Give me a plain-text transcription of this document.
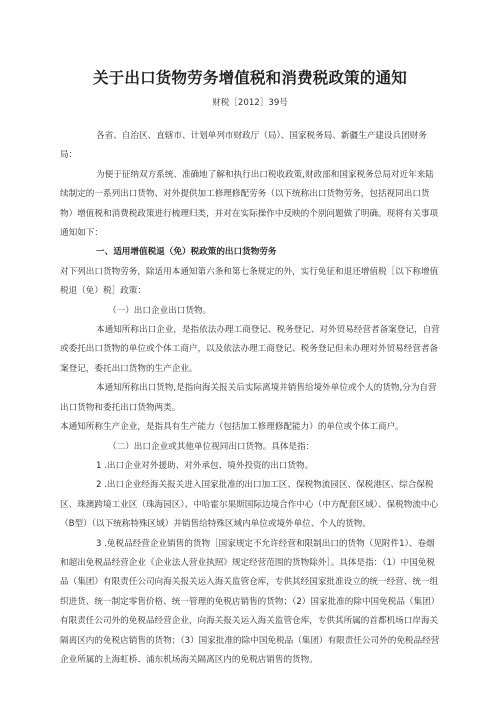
关于出口货物劳务增值税和消费税政策的通知
财税［2012］39号

各省、自治区、直辖市、计划单列市财政厅（局）、国家税务局、新疆生产建设兵团财务局：

为便于征纳双方系统、准确地了解和执行出口税收政策,财政部和国家税务总局对近年来陆续制定的一系列出口货物、对外提供加工修理修配劳务（以下统称出口货物劳务，包括视同出口货物）增值税和消费税政策进行梳理归类，并对在实际操作中反映的个别问题做了明确。现将有关事项通知如下：

一、适用增值税退（免）税政策的出口货物劳务

对下列出口货物劳务，除适用本通知第六条和第七条规定的外，实行免征和退还增值税［以下称增值税退（免）税］政策：

（一）出口企业出口货物。

本通知所称出口企业，是指依法办理工商登记、税务登记、对外贸易经营者备案登记，自营或委托出口货物的单位或个体工商户，以及依法办理工商登记、税务登记但未办理对外贸易经营者备案登记，委托出口货物的生产企业。

本通知所称出口货物,是指向海关报关后实际离境并销售给境外单位或个人的货物,分为自营出口货物和委托出口货物两类。

本通知所称生产企业，是指具有生产能力（包括加工修理修配能力）的单位或个体工商户。

（二）出口企业或其他单位视同出口货物。具体是指：

1 .出口企业对外援助、对外承包、境外投资的出口货物。

2 .出口企业经海关报关进入国家批准的出口加工区、保税物流园区、保税港区、综合保税区、珠澳跨境工业区（珠海园区）、中哈霍尔果斯国际边境合作中心（中方配套区域）、保税物流中心（B型）（以下统称特殊区域）并销售给特殊区域内单位或境外单位、个人的货物。

3 .免税品经营企业销售的货物［国家规定不允许经营和限制出口的货物（见附件1）、卷烟和超出免税品经营企业《企业法人营业执照》规定经营范围的货物除外］。具体是指：（1）中国免税品（集团）有限责任公司向海关报关运入海关监管仓库，专供其经国家批准设立的统一经营、统一组织进货、统一制定零售价格、统一管理的免税店销售的货物；（2）国家批准的除中国免税品（集团）有限责任公司外的免税品经营企业，向海关报关运入海关监管仓库，专供其所属的首都机场口岸海关隔离区内的免税店销售的货物；（3）国家批准的除中国免税品（集团）有限责任公司外的免税品经营企业所属的上海虹桥、浦东机场海关隔离区内的免税店销售的货物。
